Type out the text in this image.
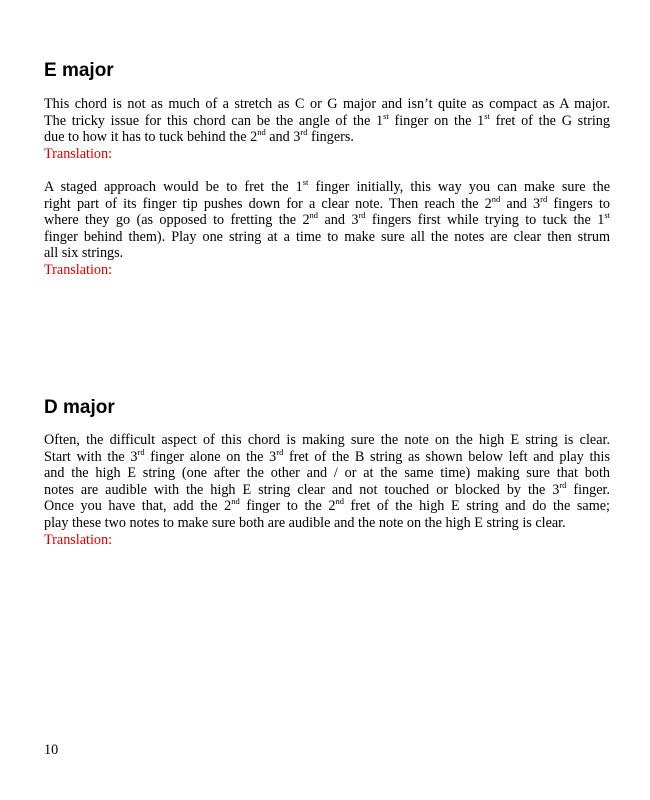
E major
This chord is not as much of a stretch as C or G major and isn’t quite as compact as A major.
The tricky issue for this chord can be the angle of the 1st finger on the 1st fret of the G string
due to how it has to tuck behind the 2nd and 3rd fingers.
Translation:
A staged approach would be to fret the 1st finger initially, this way you can make sure the
right part of its finger tip pushes down for a clear note. Then reach the 2nd and 3rd fingers to
where they go (as opposed to fretting the 2nd and 3rd fingers first while trying to tuck the 1st
finger behind them). Play one string at a time to make sure all the notes are clear then strum
all six strings.
Translation:
D major
Often, the difficult aspect of this chord is making sure the note on the high E string is clear.
Start with the 3rd finger alone on the 3rd fret of the B string as shown below left and play this
and the high E string (one after the other and / or at the same time) making sure that both
notes are audible with the high E string clear and not touched or blocked by the 3rd finger.
Once you have that, add the 2nd finger to the 2nd fret of the high E string and do the same;
play these two notes to make sure both are audible and the note on the high E string is clear.
Translation:
10
